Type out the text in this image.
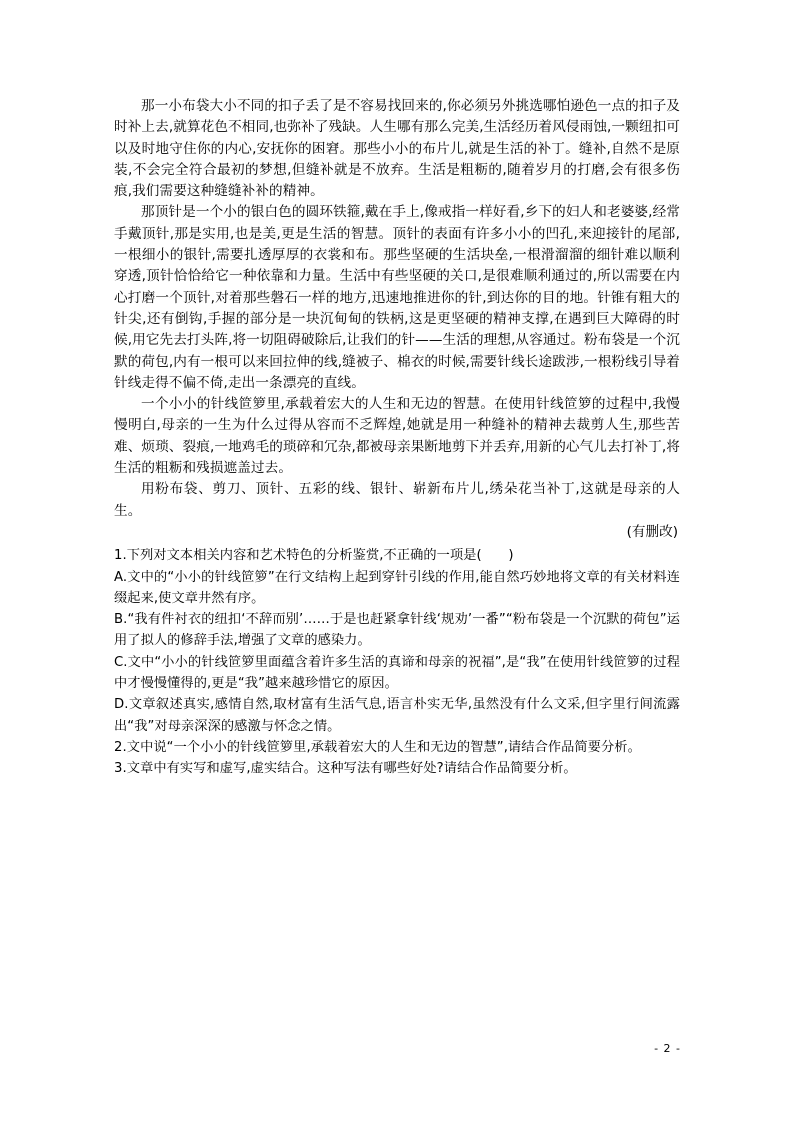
那一小布袋大小不同的扣子丢了是不容易找回来的,你必须另外挑选哪怕逊色一点的扣子及时补上去,就算花色不相同,也弥补了残缺。人生哪有那么完美,生活经历着风侵雨蚀,一颗纽扣可以及时地守住你的内心,安抚你的困窘。那些小小的布片儿,就是生活的补丁。缝补,自然不是原装,不会完全符合最初的梦想,但缝补就是不放弃。生活是粗粝的,随着岁月的打磨,会有很多伤痕,我们需要这种缝缝补补的精神。

那顶针是一个小的银白色的圆环铁箍,戴在手上,像戒指一样好看,乡下的妇人和老婆婆,经常手戴顶针,那是实用,也是美,更是生活的智慧。顶针的表面有许多小小的凹孔,来迎接针的尾部,一根细小的银针,需要扎透厚厚的衣裳和布。那些坚硬的生活块垒,一根滑溜溜的细针难以顺利穿透,顶针恰恰给它一种依靠和力量。生活中有些坚硬的关口,是很难顺利通过的,所以需要在内心打磨一个顶针,对着那些磐石一样的地方,迅速地推进你的针,到达你的目的地。针锥有粗大的针尖,还有倒钩,手握的部分是一块沉甸甸的铁柄,这是更坚硬的精神支撑,在遇到巨大障碍的时候,用它先去打头阵,将一切阻碍破除后,让我们的针——生活的理想,从容通过。粉布袋是一个沉默的荷包,内有一根可以来回拉伸的线,缝被子、棉衣的时候,需要针线长途跋涉,一根粉线引导着针线走得不偏不倚,走出一条漂亮的直线。

一个小小的针线笸箩里,承载着宏大的人生和无边的智慧。在使用针线笸箩的过程中,我慢慢明白,母亲的一生为什么过得从容而不乏辉煌,她就是用一种缝补的精神去裁剪人生,那些苦难、烦琐、裂痕,一地鸡毛的琐碎和冗杂,都被母亲果断地剪下并丢弃,用新的心气儿去打补丁,将生活的粗粝和残损遮盖过去。

用粉布袋、剪刀、顶针、五彩的线、银针、崭新布片儿,绣朵花当补丁,这就是母亲的人生。

(有删改)

1.下列对文本相关内容和艺术特色的分析鉴赏,不正确的一项是(　　)

A.文中的“小小的针线笸箩”在行文结构上起到穿针引线的作用,能自然巧妙地将文章的有关材料连缀起来,使文章井然有序。

B.“我有件衬衣的纽扣‘不辞而别’……于是也赶紧拿针线‘规劝’一番”“粉布袋是一个沉默的荷包”运用了拟人的修辞手法,增强了文章的感染力。

C.文中“小小的针线笸箩里面蕴含着许多生活的真谛和母亲的祝福”,是“我”在使用针线笸箩的过程中才慢慢懂得的,更是“我”越来越珍惜它的原因。

D.文章叙述真实,感情自然,取材富有生活气息,语言朴实无华,虽然没有什么文采,但字里行间流露出“我”对母亲深深的感激与怀念之情。

2.文中说“一个小小的针线笸箩里,承载着宏大的人生和无边的智慧”,请结合作品简要分析。

3.文章中有实写和虚写,虚实结合。这种写法有哪些好处?请结合作品简要分析。

- 2 -
